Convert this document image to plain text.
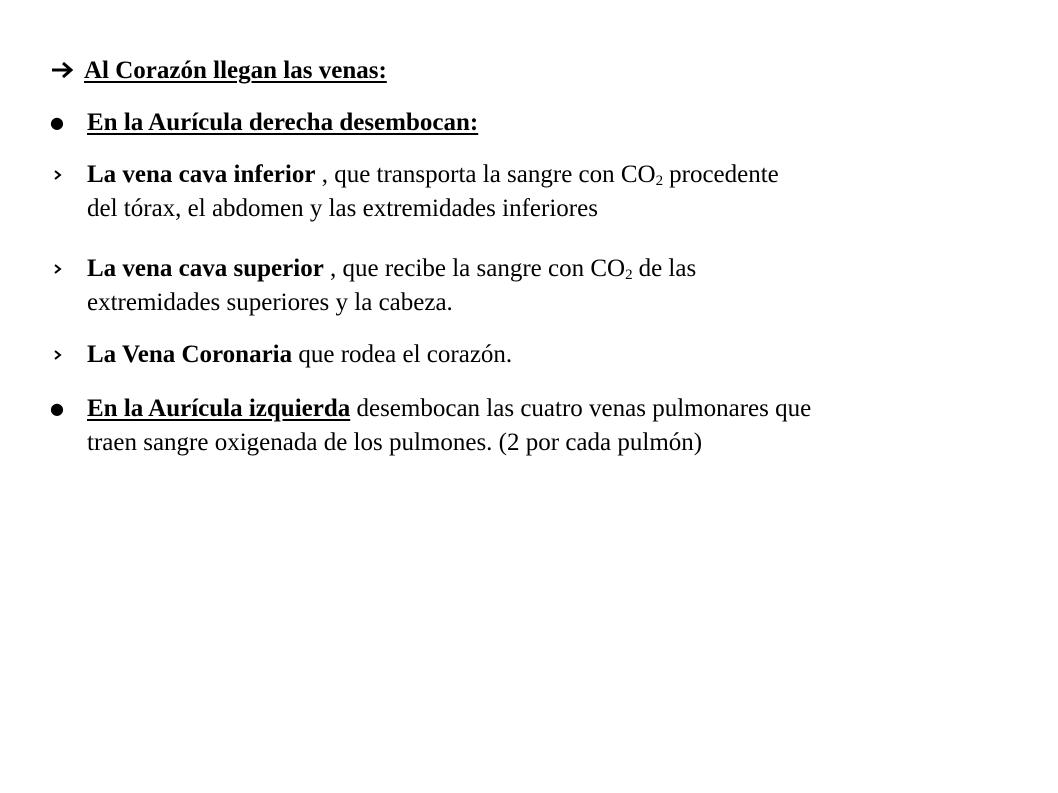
Al Corazón llegan las venas:
● En la Aurícula derecha desembocan:
La vena cava inferior , que transporta la sangre con $CO_2$ procedente
del tórax, el abdomen y las extremidades inferiores
La vena cava superior , que recibe la sangre con $CO_2$ de las
extremidades superiores y la cabeza.
La Vena Coronaria que rodea el corazón.
● En la Aurícula izquierda desembocan las cuatro venas pulmonares que
traen sangre oxigenada de los pulmones. (2 por cada pulmón)
